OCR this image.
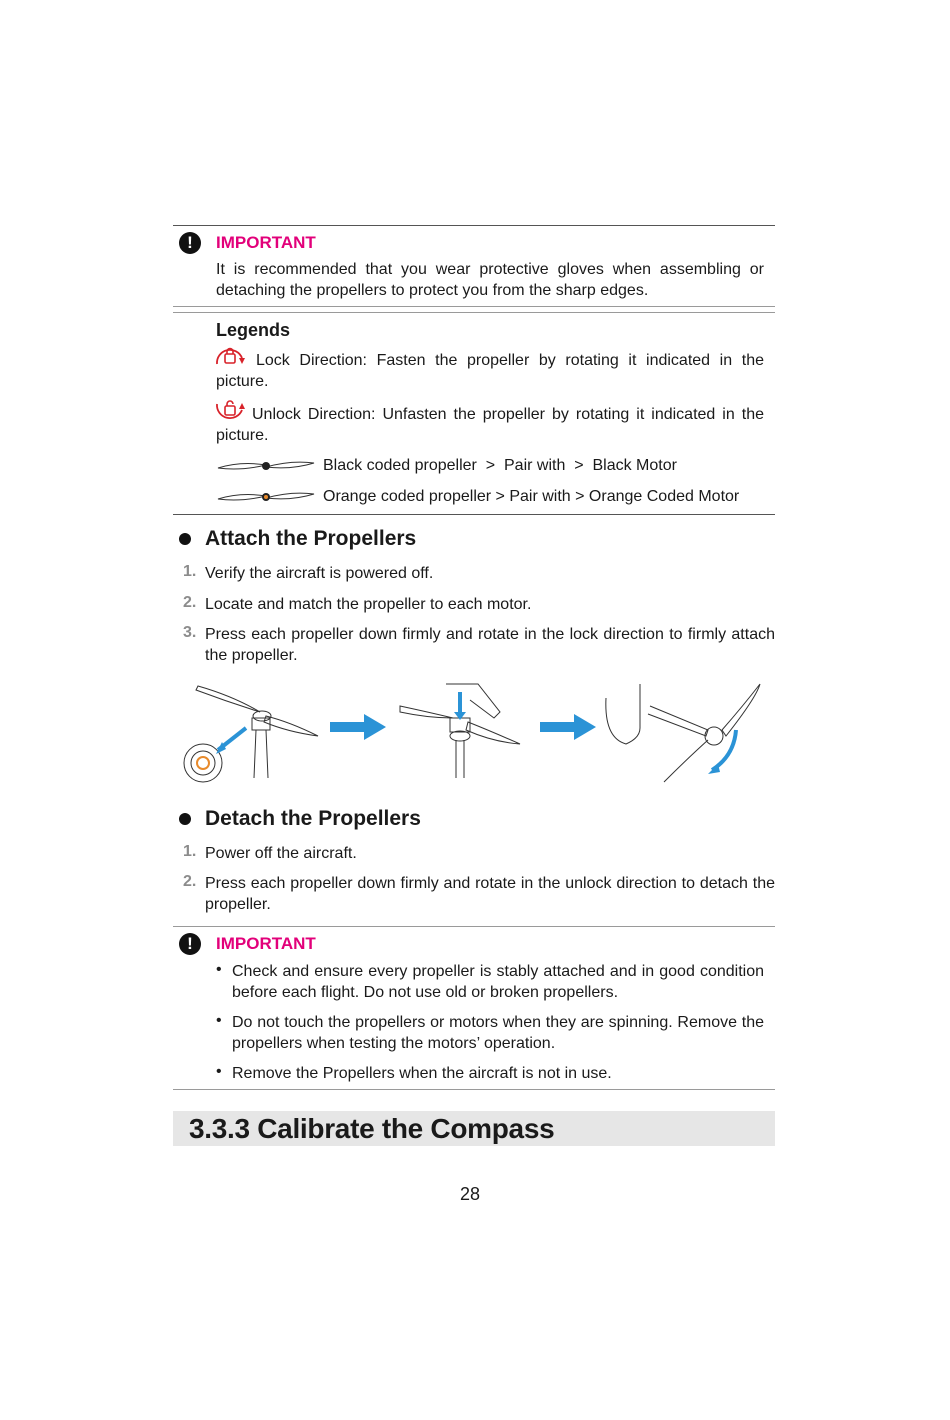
!	IMPORTANT
It is recommended that you wear protective gloves when assembling or detaching the propellers to protect you from the sharp edges.
Legends
Lock Direction: Fasten the propeller by rotating it indicated in the picture.
Unlock Direction: Unfasten the propeller by rotating it indicated in the picture.
Black coded propeller  >  Pair with  >  Black Motor
Orange coded propeller > Pair with > Orange Coded Motor
Attach the Propellers
1. Verify the aircraft is powered off.
2. Locate and match the propeller to each motor.
3. Press each propeller down firmly and rotate in the lock direction to firmly attach the propeller.
Detach the Propellers
1. Power off the aircraft.
2. Press each propeller down firmly and rotate in the unlock direction to detach the propeller.
!	IMPORTANT
• Check and ensure every propeller is stably attached and in good condition before each flight. Do not use old or broken propellers.
• Do not touch the propellers or motors when they are spinning. Remove the propellers when testing the motors’ operation.
• Remove the Propellers when the aircraft is not in use.
3.3.3 Calibrate the Compass
28
